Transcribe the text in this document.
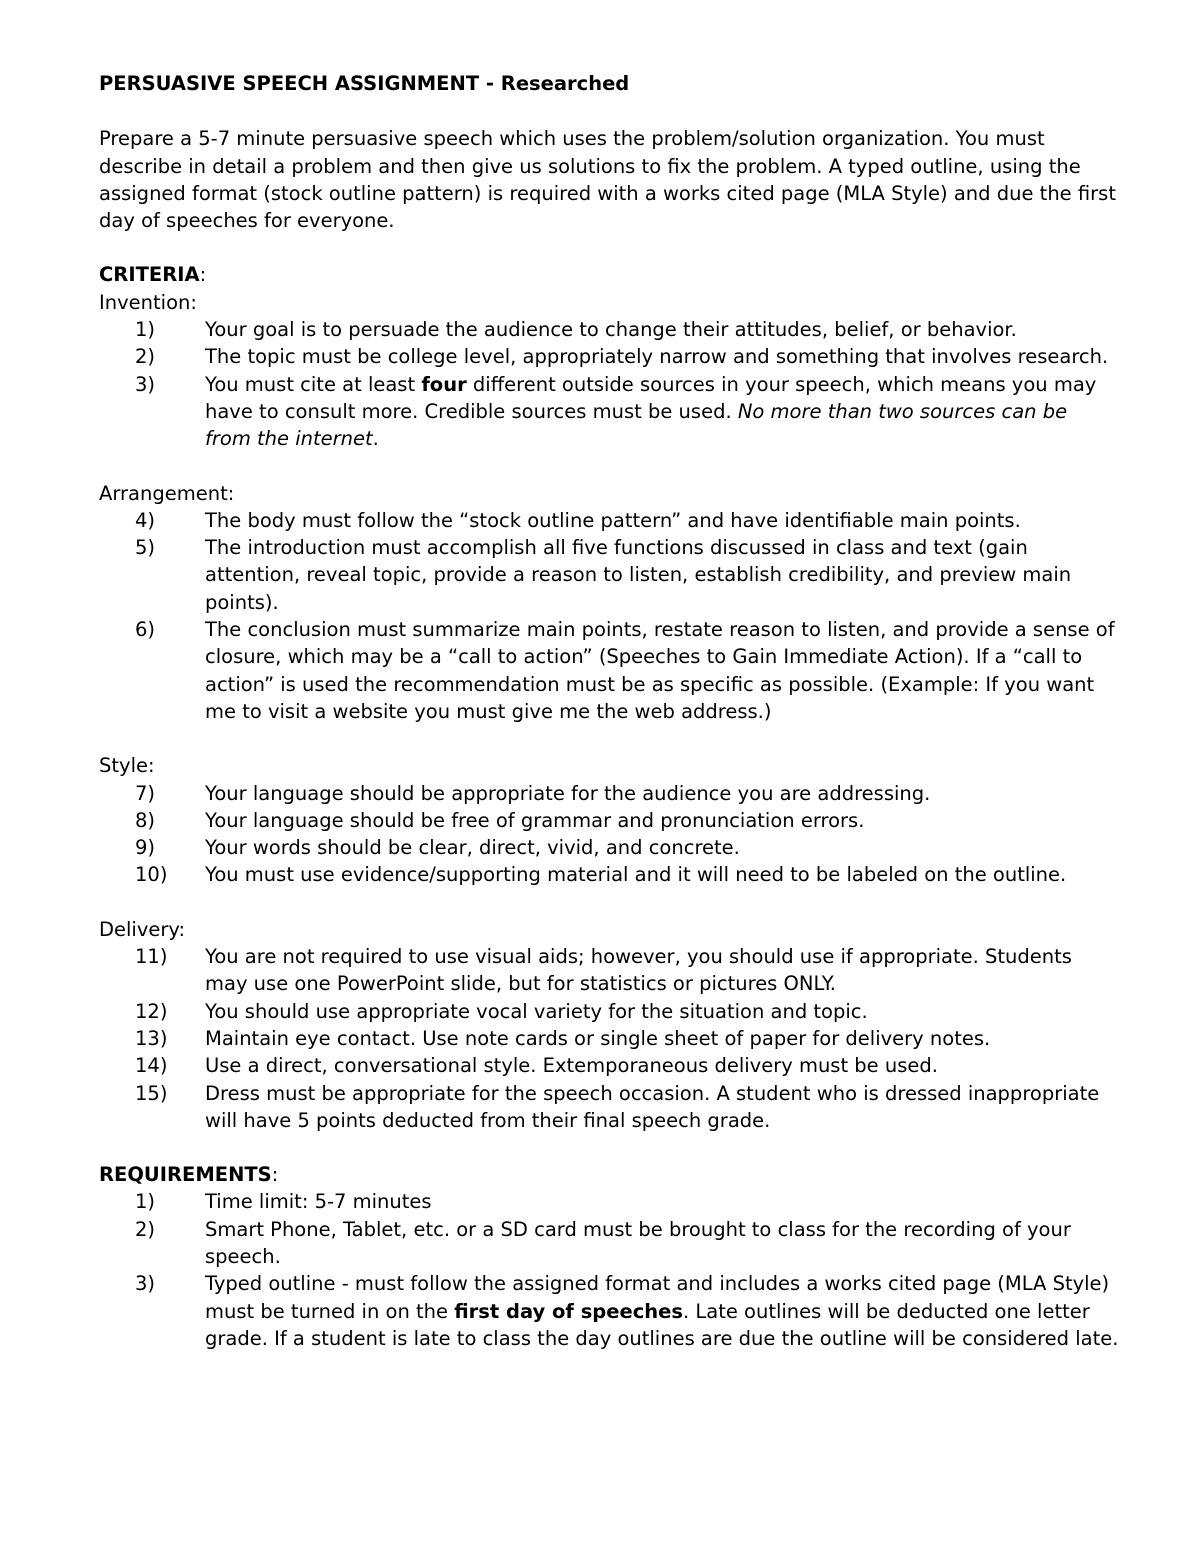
PERSUASIVE SPEECH ASSIGNMENT - Researched

Prepare a 5-7 minute persuasive speech which uses the problem/solution organization. You must describe in detail a problem and then give us solutions to fix the problem. A typed outline, using the assigned format (stock outline pattern) is required with a works cited page (MLA Style) and due the first day of speeches for everyone.

CRITERIA:

Invention:

1)	Your goal is to persuade the audience to change their attitudes, belief, or behavior.
2)	The topic must be college level, appropriately narrow and something that involves research.
3)	You must cite at least four different outside sources in your speech, which means you may have to consult more. Credible sources must be used. No more than two sources can be from the internet.

Arrangement:

4)	The body must follow the “stock outline pattern” and have identifiable main points.
5)	The introduction must accomplish all five functions discussed in class and text (gain attention, reveal topic, provide a reason to listen, establish credibility, and preview main points).
6)	The conclusion must summarize main points, restate reason to listen, and provide a sense of closure, which may be a “call to action” (Speeches to Gain Immediate Action). If a “call to action” is used the recommendation must be as specific as possible. (Example: If you want me to visit a website you must give me the web address.)

Style:

7)	Your language should be appropriate for the audience you are addressing.
8)	Your language should be free of grammar and pronunciation errors.
9)	Your words should be clear, direct, vivid, and concrete.
10)	You must use evidence/supporting material and it will need to be labeled on the outline.

Delivery:

11)	You are not required to use visual aids; however, you should use if appropriate. Students may use one PowerPoint slide, but for statistics or pictures ONLY.
12)	You should use appropriate vocal variety for the situation and topic.
13)	Maintain eye contact. Use note cards or single sheet of paper for delivery notes.
14)	Use a direct, conversational style. Extemporaneous delivery must be used.
15)	Dress must be appropriate for the speech occasion. A student who is dressed inappropriate will have 5 points deducted from their final speech grade.

REQUIREMENTS:

1)	Time limit: 5-7 minutes
2)	Smart Phone, Tablet, etc. or a SD card must be brought to class for the recording of your speech.
3)	Typed outline - must follow the assigned format and includes a works cited page (MLA Style) must be turned in on the first day of speeches. Late outlines will be deducted one letter grade. If a student is late to class the day outlines are due the outline will be considered late.
